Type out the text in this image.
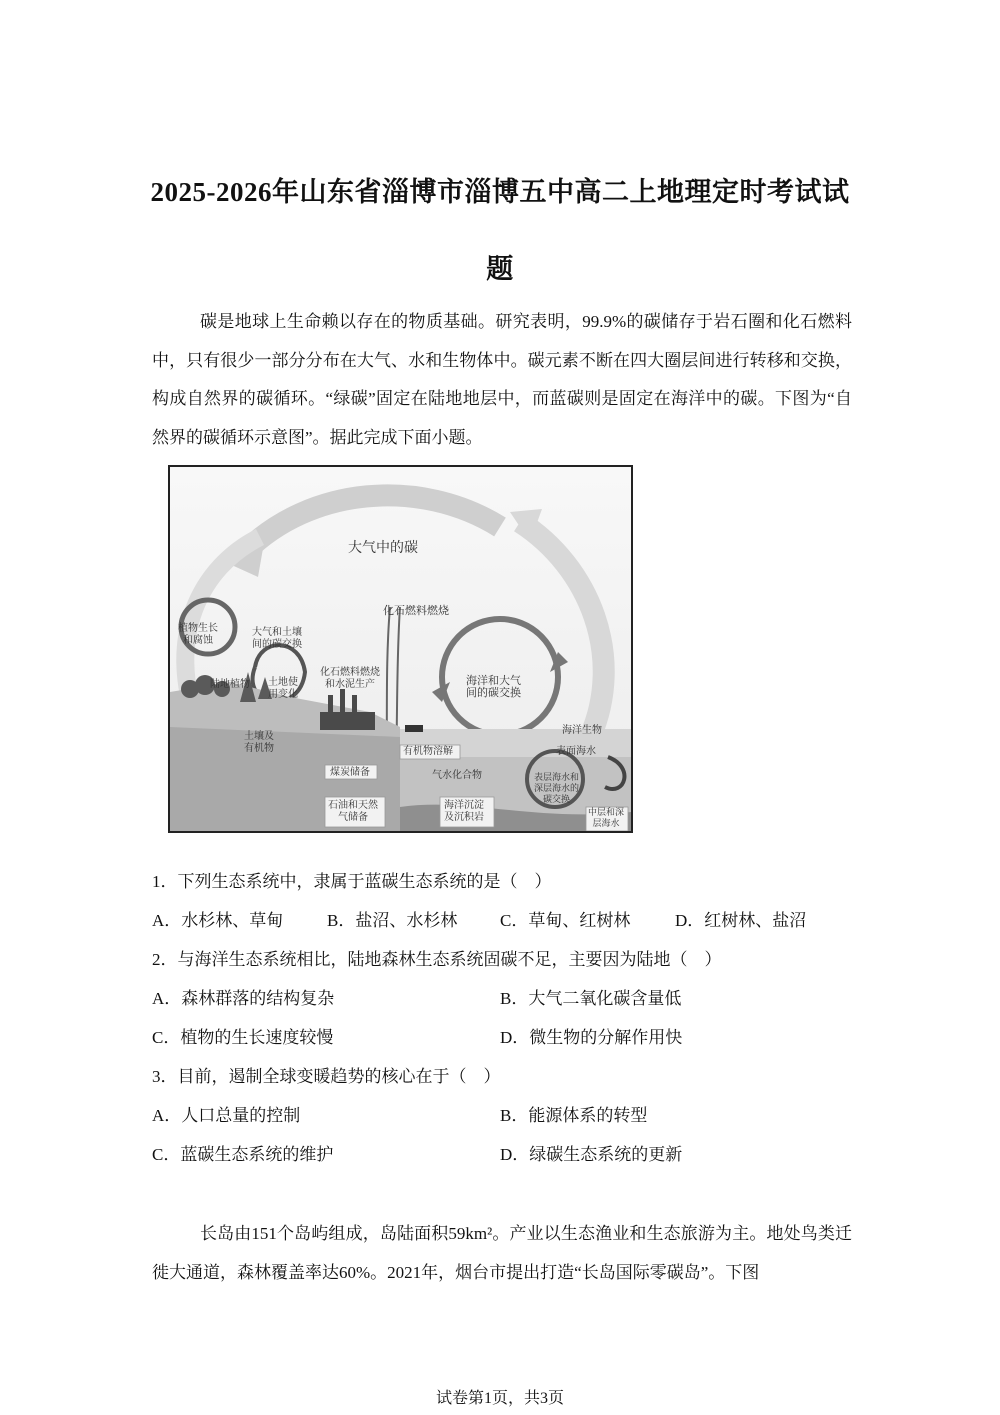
2025-2026年山东省淄博市淄博五中高二上地理定时考试试
题
碳是地球上生命赖以存在的物质基础。研究表明，99.9%的碳储存于岩石圈和化石燃料中，只有很少一部分分布在大气、水和生物体中。碳元素不断在四大圈层间进行转移和交换，构成自然界的碳循环。“绿碳”固定在陆地地层中，而蓝碳则是固定在海洋中的碳。下图为“自然界的碳循环示意图”。据此完成下面小题。
大气中的碳
植物生长
和腐蚀
大气和土壤
间的碳交换
化石燃料燃烧
化石燃料燃烧
和水泥生产	海洋和大气
间的碳交换
陆地植物 土地使
用变化
土壤及
有机物	有机物溶解
海洋生物
表面海水
煤炭储备	气水化合物	表层海水和
深层海水的
碳交换
石油和天然
气储备
海洋沉淀
及沉积岩	中层和深
层海水
1．下列生态系统中，隶属于蓝碳生态系统的是（　）
A．水杉林、草甸	B．盐沼、水杉林	C．草甸、红树林	D．红树林、盐沼
2．与海洋生态系统相比，陆地森林生态系统固碳不足，主要因为陆地（　）
A．森林群落的结构复杂	B．大气二氧化碳含量低
C．植物的生长速度较慢	D．微生物的分解作用快
3．目前，遏制全球变暖趋势的核心在于（　）
A．人口总量的控制	B．能源体系的转型
C．蓝碳生态系统的维护	D．绿碳生态系统的更新
长岛由151个岛屿组成，岛陆面积59km²。产业以生态渔业和生态旅游为主。地处鸟类迁徙大通道，森林覆盖率达60%。2021年，烟台市提出打造“长岛国际零碳岛”。下图
试卷第1页，共3页
